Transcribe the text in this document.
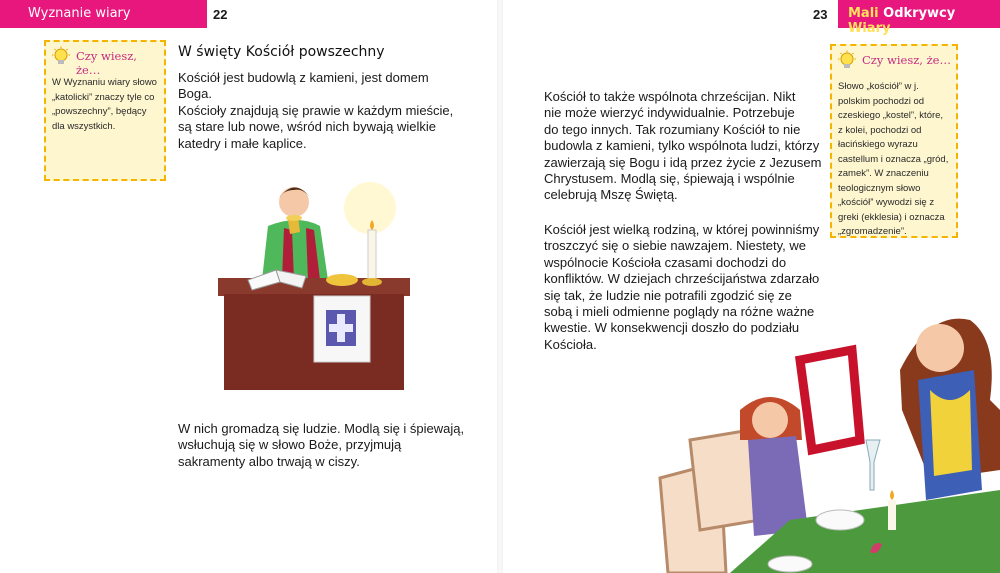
Wyznanie wiary	22	23 Mali Odkrywcy Wiary
Czy wiesz, że…
W Wyznaniu wiary słowo „katolicki” znaczy tyle co „powszechny”, będący dla wszystkich.
Czy wiesz, że…
Słowo „kościół” w j. polskim pochodzi od czeskiego „kostel”, które, z kolei, pochodzi od łacińskiego wyrazu castellum i oznacza „gród, zamek”. W znaczeniu teologicznym słowo „kościół” wywodzi się z greki (ekklesia) i oznacza „zgromadzenie”.
W święty Kościół powszechny
Kościół jest budowlą z kamieni, jest domem
Boga.
Kościoły znajdują się prawie w każdym mieście,
są stare lub nowe, wśród nich bywają wielkie
katedry i małe kaplice.
W nich gromadzą się ludzie. Modlą się i śpiewają,
wsłuchują się w słowo Boże, przyjmują
sakramenty albo trwają w ciszy.
Kościół to także wspólnota chrześcijan. Nikt
nie może wierzyć indywidualnie. Potrzebuje
do tego innych. Tak rozumiany Kościół to nie
budowla z kamieni, tylko wspólnota ludzi, którzy
zawierzają się Bogu i idą przez życie z Jezusem
Chrystusem. Modlą się, śpiewają i wspólnie
celebrują Mszę Świętą.
Kościół jest wielką rodziną, w której powinniśmy
troszczyć się o siebie nawzajem. Niestety, we
wspólnocie Kościoła czasami dochodzi do
konfliktów. W dziejach chrześcijaństwa zdarzało
się tak, że ludzie nie potrafili zgodzić się ze
sobą i mieli odmienne poglądy na różne ważne
kwestie. W konsekwencji doszło do podziału
Kościoła.
